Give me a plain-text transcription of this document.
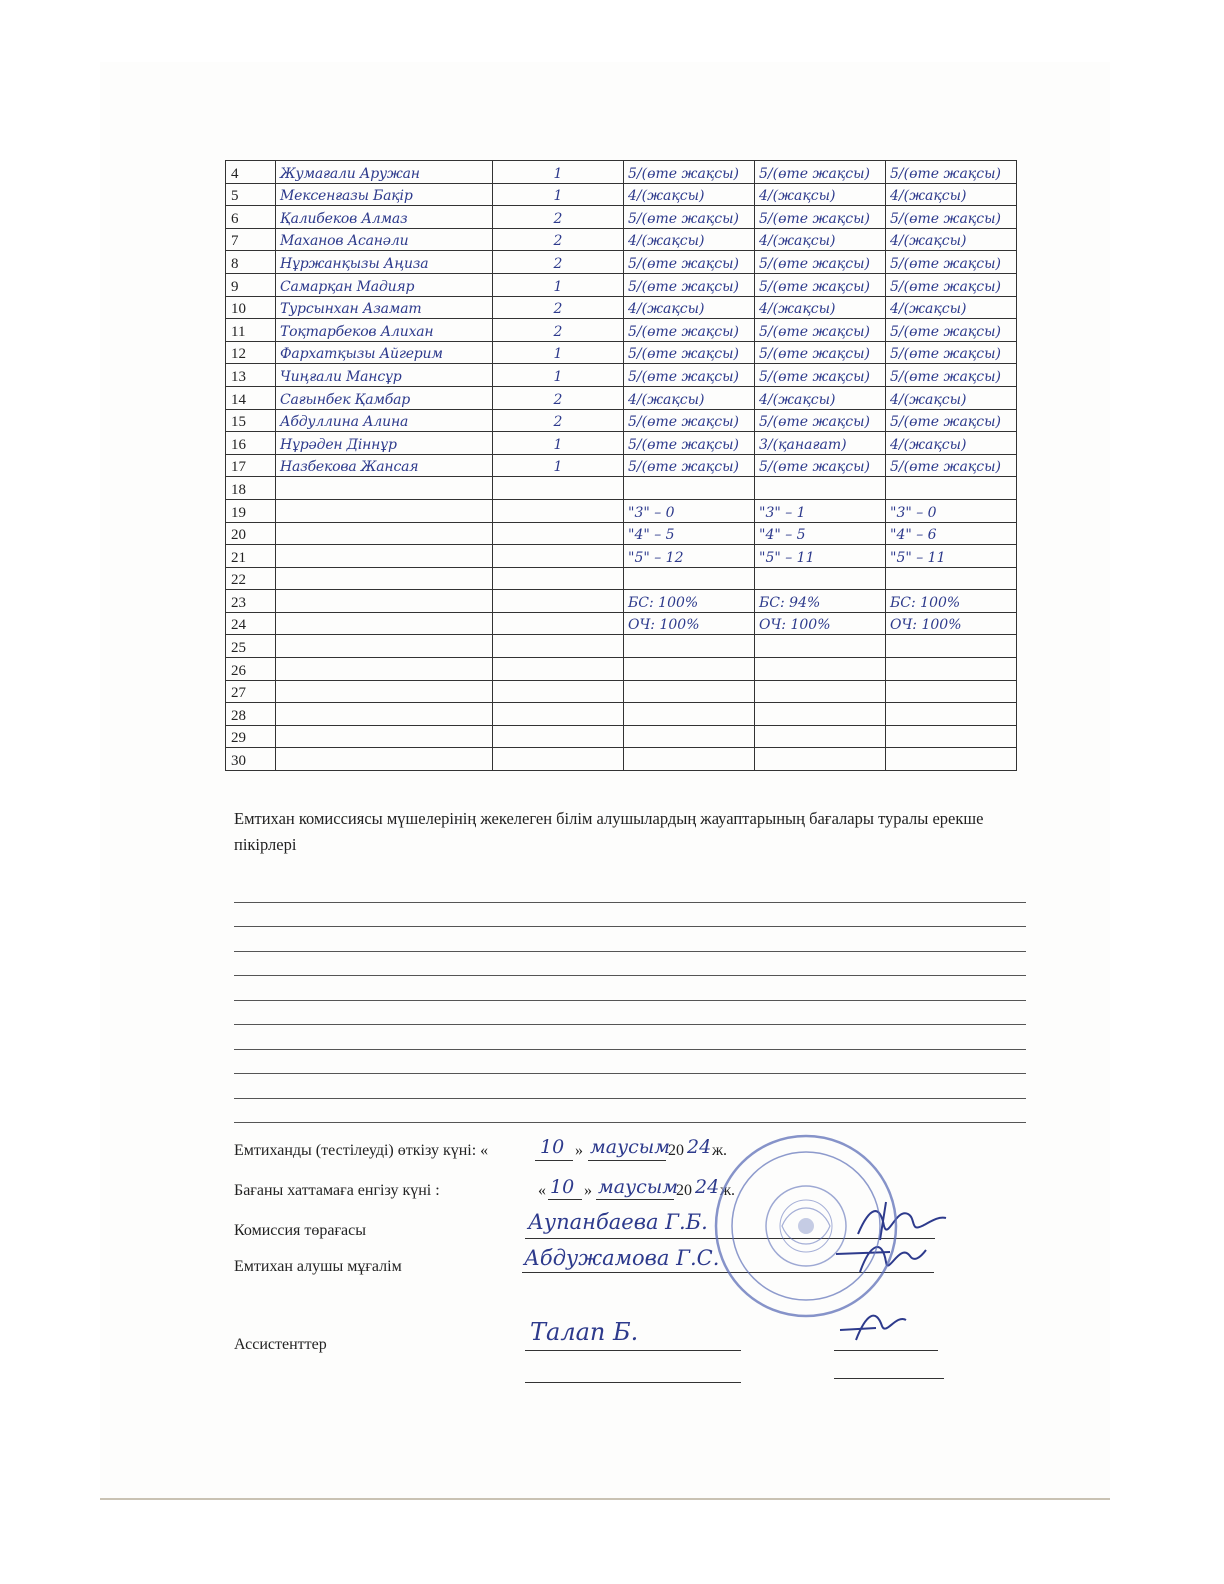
4	Жумағали Аружан	1	5/(өте жақсы)	5/(өте жақсы)	5/(өте жақсы)
5	Мексенғазы Бақір	1	4/(жақсы)	4/(жақсы)	4/(жақсы)
6	Қалибеков Алмаз	2	5/(өте жақсы)	5/(өте жақсы)	5/(өте жақсы)
7	Маханов Асанәли	2	4/(жақсы)	4/(жақсы)	4/(жақсы)
8	Нұржанқызы Аңиза	2	5/(өте жақсы)	5/(өте жақсы)	5/(өте жақсы)
9	Самарқан Мадияр	1	5/(өте жақсы)	5/(өте жақсы)	5/(өте жақсы)
10	Турсынхан Азамат	2	4/(жақсы)	4/(жақсы)	4/(жақсы)
11	Тоқтарбеков Алихан	2	5/(өте жақсы)	5/(өте жақсы)	5/(өте жақсы)
12	Фархатқызы Айгерим	1	5/(өте жақсы)	5/(өте жақсы)	5/(өте жақсы)
13	Чиңғали Мансұр	1	5/(өте жақсы)	5/(өте жақсы)	5/(өте жақсы)
14	Сағынбек Қамбар	2	4/(жақсы)	4/(жақсы)	4/(жақсы)
15	Абдуллина Алина	2	5/(өте жақсы)	5/(өте жақсы)	5/(өте жақсы)
16	Нұрәден Діннұр	1	5/(өте жақсы)	3/(қанағат)	4/(жақсы)
17	Назбекова Жансая	1	5/(өте жақсы)	5/(өте жақсы)	5/(өте жақсы)
18					
19			"3" – 0	"3" – 1	"3" – 0
20			"4" – 5	"4" – 5	"4" – 6
21			"5" – 12	"5" – 11	"5" – 11
22					
23			БС: 100%	БС: 94%	БС: 100%
24			ОЧ: 100%	ОЧ: 100%	ОЧ: 100%
25					
26					
27					
28					
29					
30					
Емтихан комиссиясы мүшелерінің жекелеген білім алушылардың жауаптарының бағалары туралы ерекше пікірлері
Емтиханды (тестілеуді) өткізу күні: «	10 » маусым
20 24 ж.
Бағаны хаттамаға енгізу күні :	« 10 » маусым
20 24 ж.
Комиссия төрағасы	Аупанбаева Г.Б.
Емтихан алушы мұғалім	Абдужамова Г.С.
Ассистенттер	Талап Б.
